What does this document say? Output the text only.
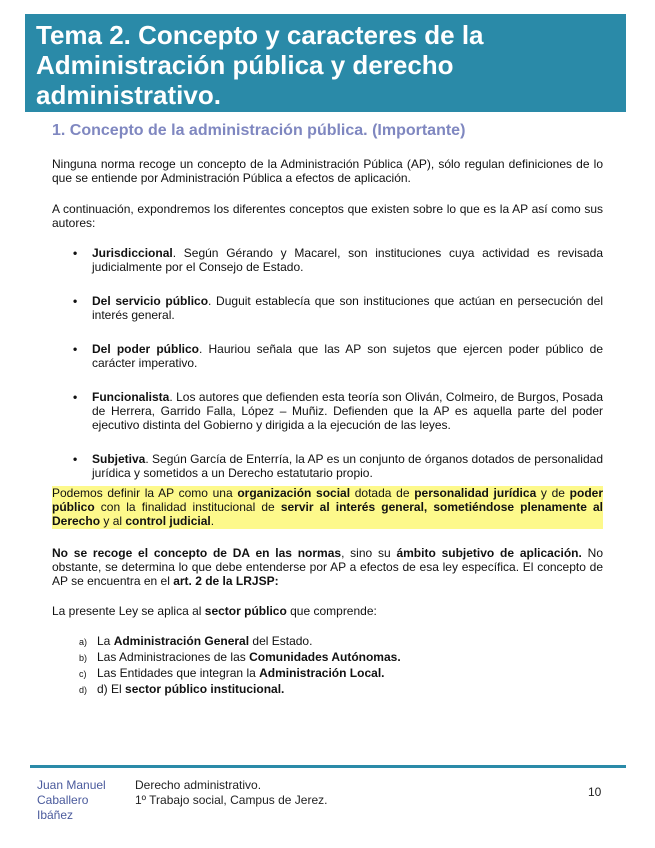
Tema 2. Concepto y caracteres de la Administración pública y derecho administrativo.
1. Concepto de la administración pública. (Importante)

Ninguna norma recoge un concepto de la Administración Pública (AP), sólo regulan definiciones de lo que se entiende por Administración Pública a efectos de aplicación.

A continuación, expondremos los diferentes conceptos que existen sobre lo que es la AP así como sus autores:

• Jurisdiccional. Según Gérando y Macarel, son instituciones cuya actividad es revisada judicialmente por el Consejo de Estado.
• Del servicio público. Duguit establecía que son instituciones que actúan en persecución del interés general.
• Del poder público. Hauriou señala que las AP son sujetos que ejercen poder público de carácter imperativo.
• Funcionalista. Los autores que defienden esta teoría son Oliván, Colmeiro, de Burgos, Posada de Herrera, Garrido Falla, López – Muñiz. Defienden que la AP es aquella parte del poder ejecutivo distinta del Gobierno y dirigida a la ejecución de las leyes.
• Subjetiva. Según García de Enterría, la AP es un conjunto de órganos dotados de personalidad jurídica y sometidos a un Derecho estatutario propio.

Podemos definir la AP como una organización social dotada de personalidad jurídica y de poder público con la finalidad institucional de servir al interés general, sometiéndose plenamente al Derecho y al control judicial.

No se recoge el concepto de DA en las normas, sino su ámbito subjetivo de aplicación. No obstante, se determina lo que debe entenderse por AP a efectos de esa ley específica. El concepto de AP se encuentra en el art. 2 de la LRJSP:

La presente Ley se aplica al sector público que comprende:

a) La Administración General del Estado.
b) Las Administraciones de las Comunidades Autónomas.
c) Las Entidades que integran la Administración Local.
d) d) El sector público institucional.
Juan Manuel Caballero Ibáñez
Derecho administrativo.
1º Trabajo social, Campus de Jerez.
10
